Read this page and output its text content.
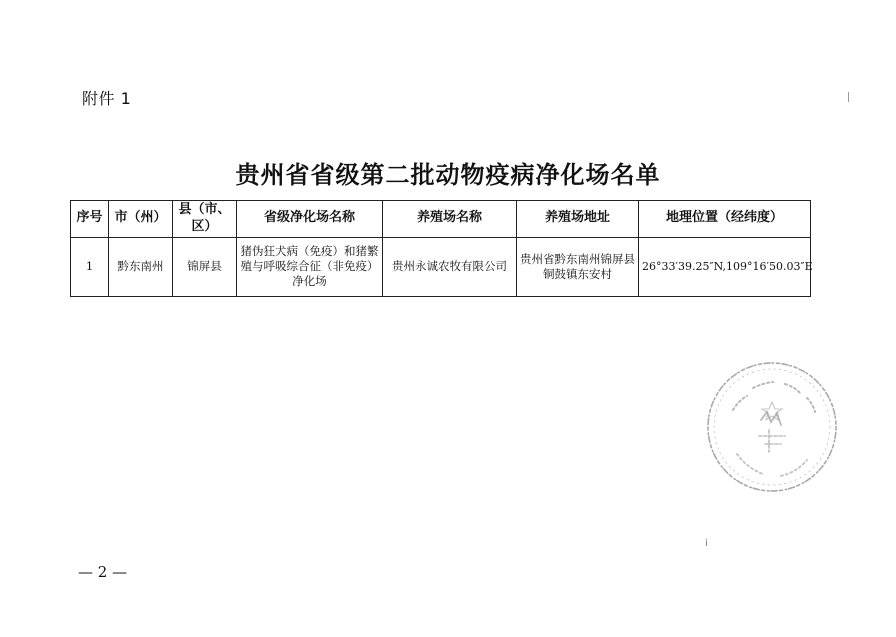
附件 1
贵州省省级第二批动物疫病净化场名单
序号	市（州）	县（市、区）	省级净化场名称	养殖场名称	养殖场地址	地理位置（经纬度）
1	黔东南州	锦屏县	猪伪狂犬病（免疫）和猪繁殖与呼吸综合征（非免疫）净化场	贵州永诚农牧有限公司	贵州省黔东南州锦屏县铜鼓镇东安村	26°33′39.25″N,109°16′50.03″E
— 2 —
ⅰ
